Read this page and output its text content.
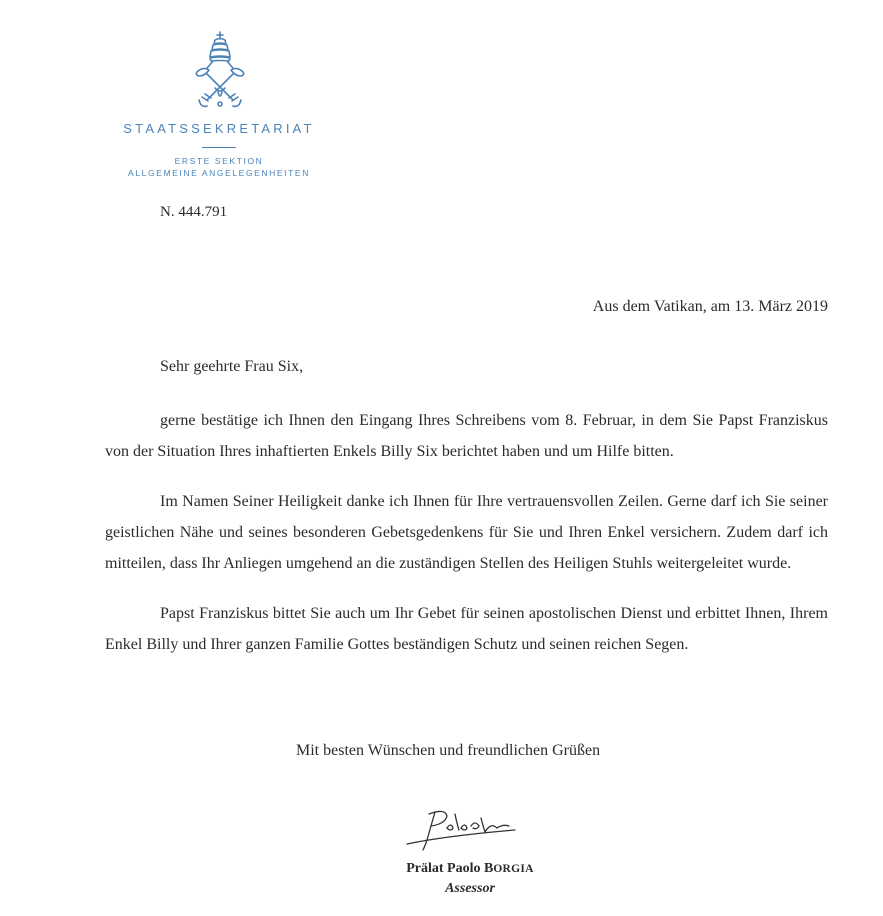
STAATSSEKRETARIAT
ERSTE SEKTION
ALLGEMEINE ANGELEGENHEITEN
N. 444.791
Aus dem Vatikan, am 13. März 2019
Sehr geehrte Frau Six,

gerne bestätige ich Ihnen den Eingang Ihres Schreibens vom 8. Februar, in dem Sie Papst Franziskus von der Situation Ihres inhaftierten Enkels Billy Six berichtet haben und um Hilfe bitten.

Im Namen Seiner Heiligkeit danke ich Ihnen für Ihre vertrauensvollen Zeilen. Gerne darf ich Sie seiner geistlichen Nähe und seines besonderen Gebetsgedenkens für Sie und Ihren Enkel versichern. Zudem darf ich mitteilen, dass Ihr Anliegen umgehend an die zuständigen Stellen des Heiligen Stuhls weitergeleitet wurde.

Papst Franziskus bittet Sie auch um Ihr Gebet für seinen apostolischen Dienst und erbittet Ihnen, Ihrem Enkel Billy und Ihrer ganzen Familie Gottes beständigen Schutz und seinen reichen Segen.

Mit besten Wünschen und freundlichen Grüßen
Prälat Paolo BORGIA
Assessor
